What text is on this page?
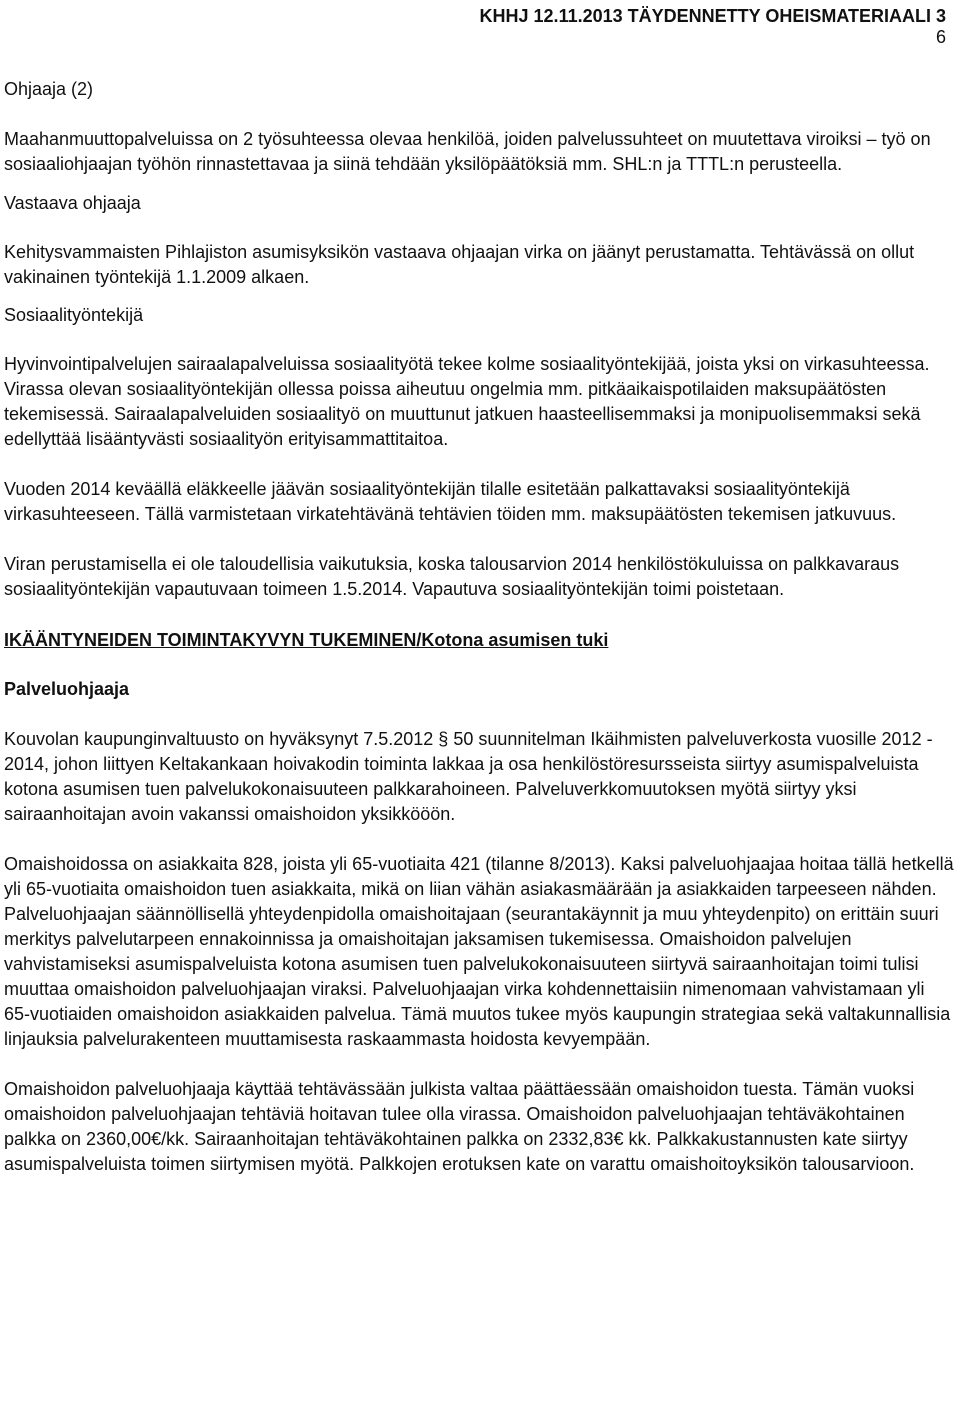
KHHJ 12.11.2013 TÄYDENNETTY OHEISMATERIAALI 3
6
Ohjaaja (2)

Maahanmuuttopalveluissa on 2 työsuhteessa olevaa henkilöä, joiden palvelussuhteet on muutettava viroiksi – työ on sosiaaliohjaajan työhön rinnastettavaa ja siinä tehdään yksilöpäätöksiä mm. SHL:n ja TTTL:n perusteella.

Vastaava ohjaaja

Kehitysvammaisten Pihlajiston asumisyksikön vastaava ohjaajan virka on jäänyt perustamatta. Tehtävässä on ollut vakinainen työntekijä 1.1.2009 alkaen.

Sosiaalityöntekijä

Hyvinvointipalvelujen sairaalapalveluissa sosiaalityötä tekee kolme sosiaalityöntekijää, joista yksi on virkasuhteessa. Virassa olevan sosiaalityöntekijän ollessa poissa aiheutuu ongelmia mm. pitkäaikaispotilaiden maksupäätösten tekemisessä. Sairaalapalveluiden sosiaalityö on muuttunut jatkuen haasteellisemmaksi ja monipuolisemmaksi sekä edellyttää lisääntyvästi sosiaalityön erityisammattitaitoa.

Vuoden 2014 keväällä eläkkeelle jäävän sosiaalityöntekijän tilalle esitetään palkattavaksi sosiaalityöntekijä virkasuhteeseen. Tällä varmistetaan virkatehtävänä tehtävien töiden mm. maksupäätösten tekemisen jatkuvuus.

Viran perustamisella ei ole taloudellisia vaikutuksia, koska talousarvion 2014 henkilöstökuluissa on palkkavaraus sosiaalityöntekijän vapautuvaan toimeen 1.5.2014. Vapautuva sosiaalityöntekijän toimi poistetaan.

IKÄÄNTYNEIDEN TOIMINTAKYVYN TUKEMINEN/Kotona asumisen tuki
Palveluohjaaja

Kouvolan kaupunginvaltuusto on hyväksynyt 7.5.2012 § 50 suunnitelman Ikäihmisten palveluverkosta vuosille 2012 - 2014, johon liittyen Keltakankaan hoivakodin toiminta lakkaa ja osa henkilöstöresursseista siirtyy asumispalveluista kotona asumisen tuen palvelukokonaisuuteen palkkarahoineen. Palveluverkkomuutoksen myötä siirtyy yksi sairaanhoitajan avoin vakanssi omaishoidon yksikkööön.

Omaishoidossa on asiakkaita 828, joista yli 65-vuotiaita 421 (tilanne 8/2013). Kaksi palveluohjaajaa hoitaa tällä hetkellä yli 65-vuotiaita omaishoidon tuen asiakkaita, mikä on liian vähän asiakasmäärään ja asiakkaiden tarpeeseen nähden. Palveluohjaajan säännöllisellä yhteydenpidolla omaishoitajaan (seurantakäynnit ja muu yhteydenpito) on erittäin suuri merkitys palvelutarpeen ennakoinnissa ja omaishoitajan jaksamisen tukemisessa. Omaishoidon palvelujen vahvistamiseksi asumispalveluista kotona asumisen tuen palvelukokonaisuuteen siirtyvä sairaanhoitajan toimi tulisi muuttaa omaishoidon palveluohjaajan viraksi. Palveluohjaajan virka kohdennettaisiin nimenomaan vahvistamaan yli 65-vuotiaiden omaishoidon asiakkaiden palvelua. Tämä muutos tukee myös kaupungin strategiaa sekä valtakunnallisia linjauksia palvelurakenteen muuttamisesta raskaammasta hoidosta kevyempään.

Omaishoidon palveluohjaaja käyttää tehtävässään julkista valtaa päättäessään omaishoidon tuesta. Tämän vuoksi omaishoidon palveluohjaajan tehtäviä hoitavan tulee olla virassa. Omaishoidon palveluohjaajan tehtäväkohtainen palkka on 2360,00€/kk. Sairaanhoitajan tehtäväkohtainen palkka on 2332,83€ kk. Palkkakustannusten kate siirtyy asumispalveluista toimen siirtymisen myötä. Palkkojen erotuksen kate on varattu omaishoitoyksikön talousarvioon.
